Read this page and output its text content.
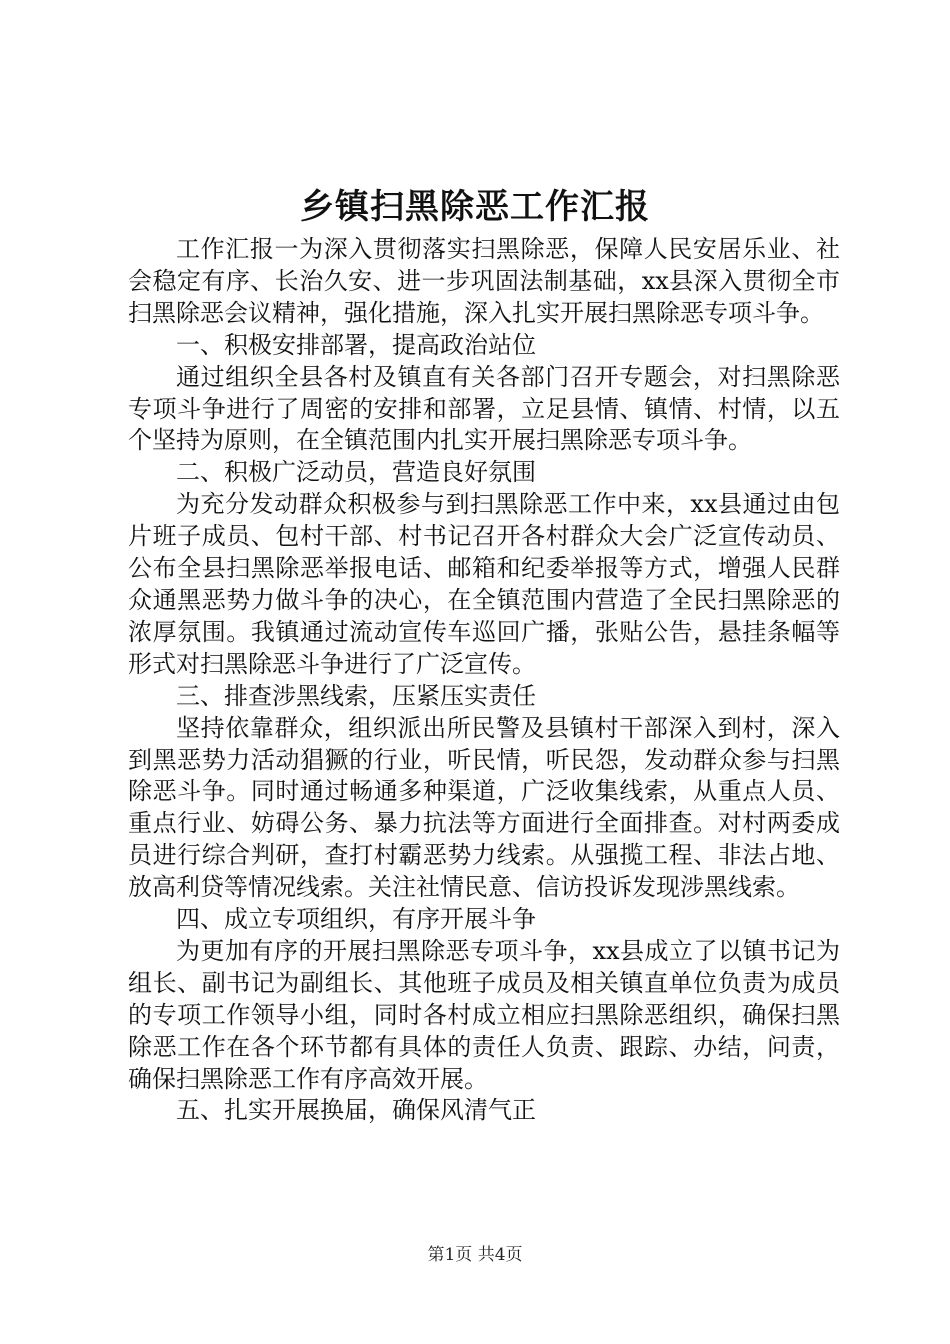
乡镇扫黑除恶工作汇报

工作汇报一为深入贯彻落实扫黑除恶，保障人民安居乐业、社会稳定有序、长治久安、进一步巩固法制基础，xx县深入贯彻全市扫黑除恶会议精神，强化措施，深入扎实开展扫黑除恶专项斗争。

一、积极安排部署，提高政治站位

通过组织全县各村及镇直有关各部门召开专题会，对扫黑除恶专项斗争进行了周密的安排和部署，立足县情、镇情、村情，以五个坚持为原则，在全镇范围内扎实开展扫黑除恶专项斗争。

二、积极广泛动员，营造良好氛围

为充分发动群众积极参与到扫黑除恶工作中来，xx县通过由包片班子成员、包村干部、村书记召开各村群众大会广泛宣传动员、公布全县扫黑除恶举报电话、邮箱和纪委举报等方式，增强人民群众通黑恶势力做斗争的决心，在全镇范围内营造了全民扫黑除恶的浓厚氛围。我镇通过流动宣传车巡回广播，张贴公告，悬挂条幅等形式对扫黑除恶斗争进行了广泛宣传。

三、排查涉黑线索，压紧压实责任

坚持依靠群众，组织派出所民警及县镇村干部深入到村，深入到黑恶势力活动猖獗的行业，听民情，听民怨，发动群众参与扫黑除恶斗争。同时通过畅通多种渠道，广泛收集线索，从重点人员、重点行业、妨碍公务、暴力抗法等方面进行全面排查。对村两委成员进行综合判研，查打村霸恶势力线索。从强揽工程、非法占地、放高利贷等情况线索。关注社情民意、信访投诉发现涉黑线索。

四、成立专项组织，有序开展斗争

为更加有序的开展扫黑除恶专项斗争，xx县成立了以镇书记为组长、副书记为副组长、其他班子成员及相关镇直单位负责为成员的专项工作领导小组，同时各村成立相应扫黑除恶组织，确保扫黑除恶工作在各个环节都有具体的责任人负责、跟踪、办结，问责，确保扫黑除恶工作有序高效开展。

五、扎实开展换届，确保风清气正

第1页 共4页
